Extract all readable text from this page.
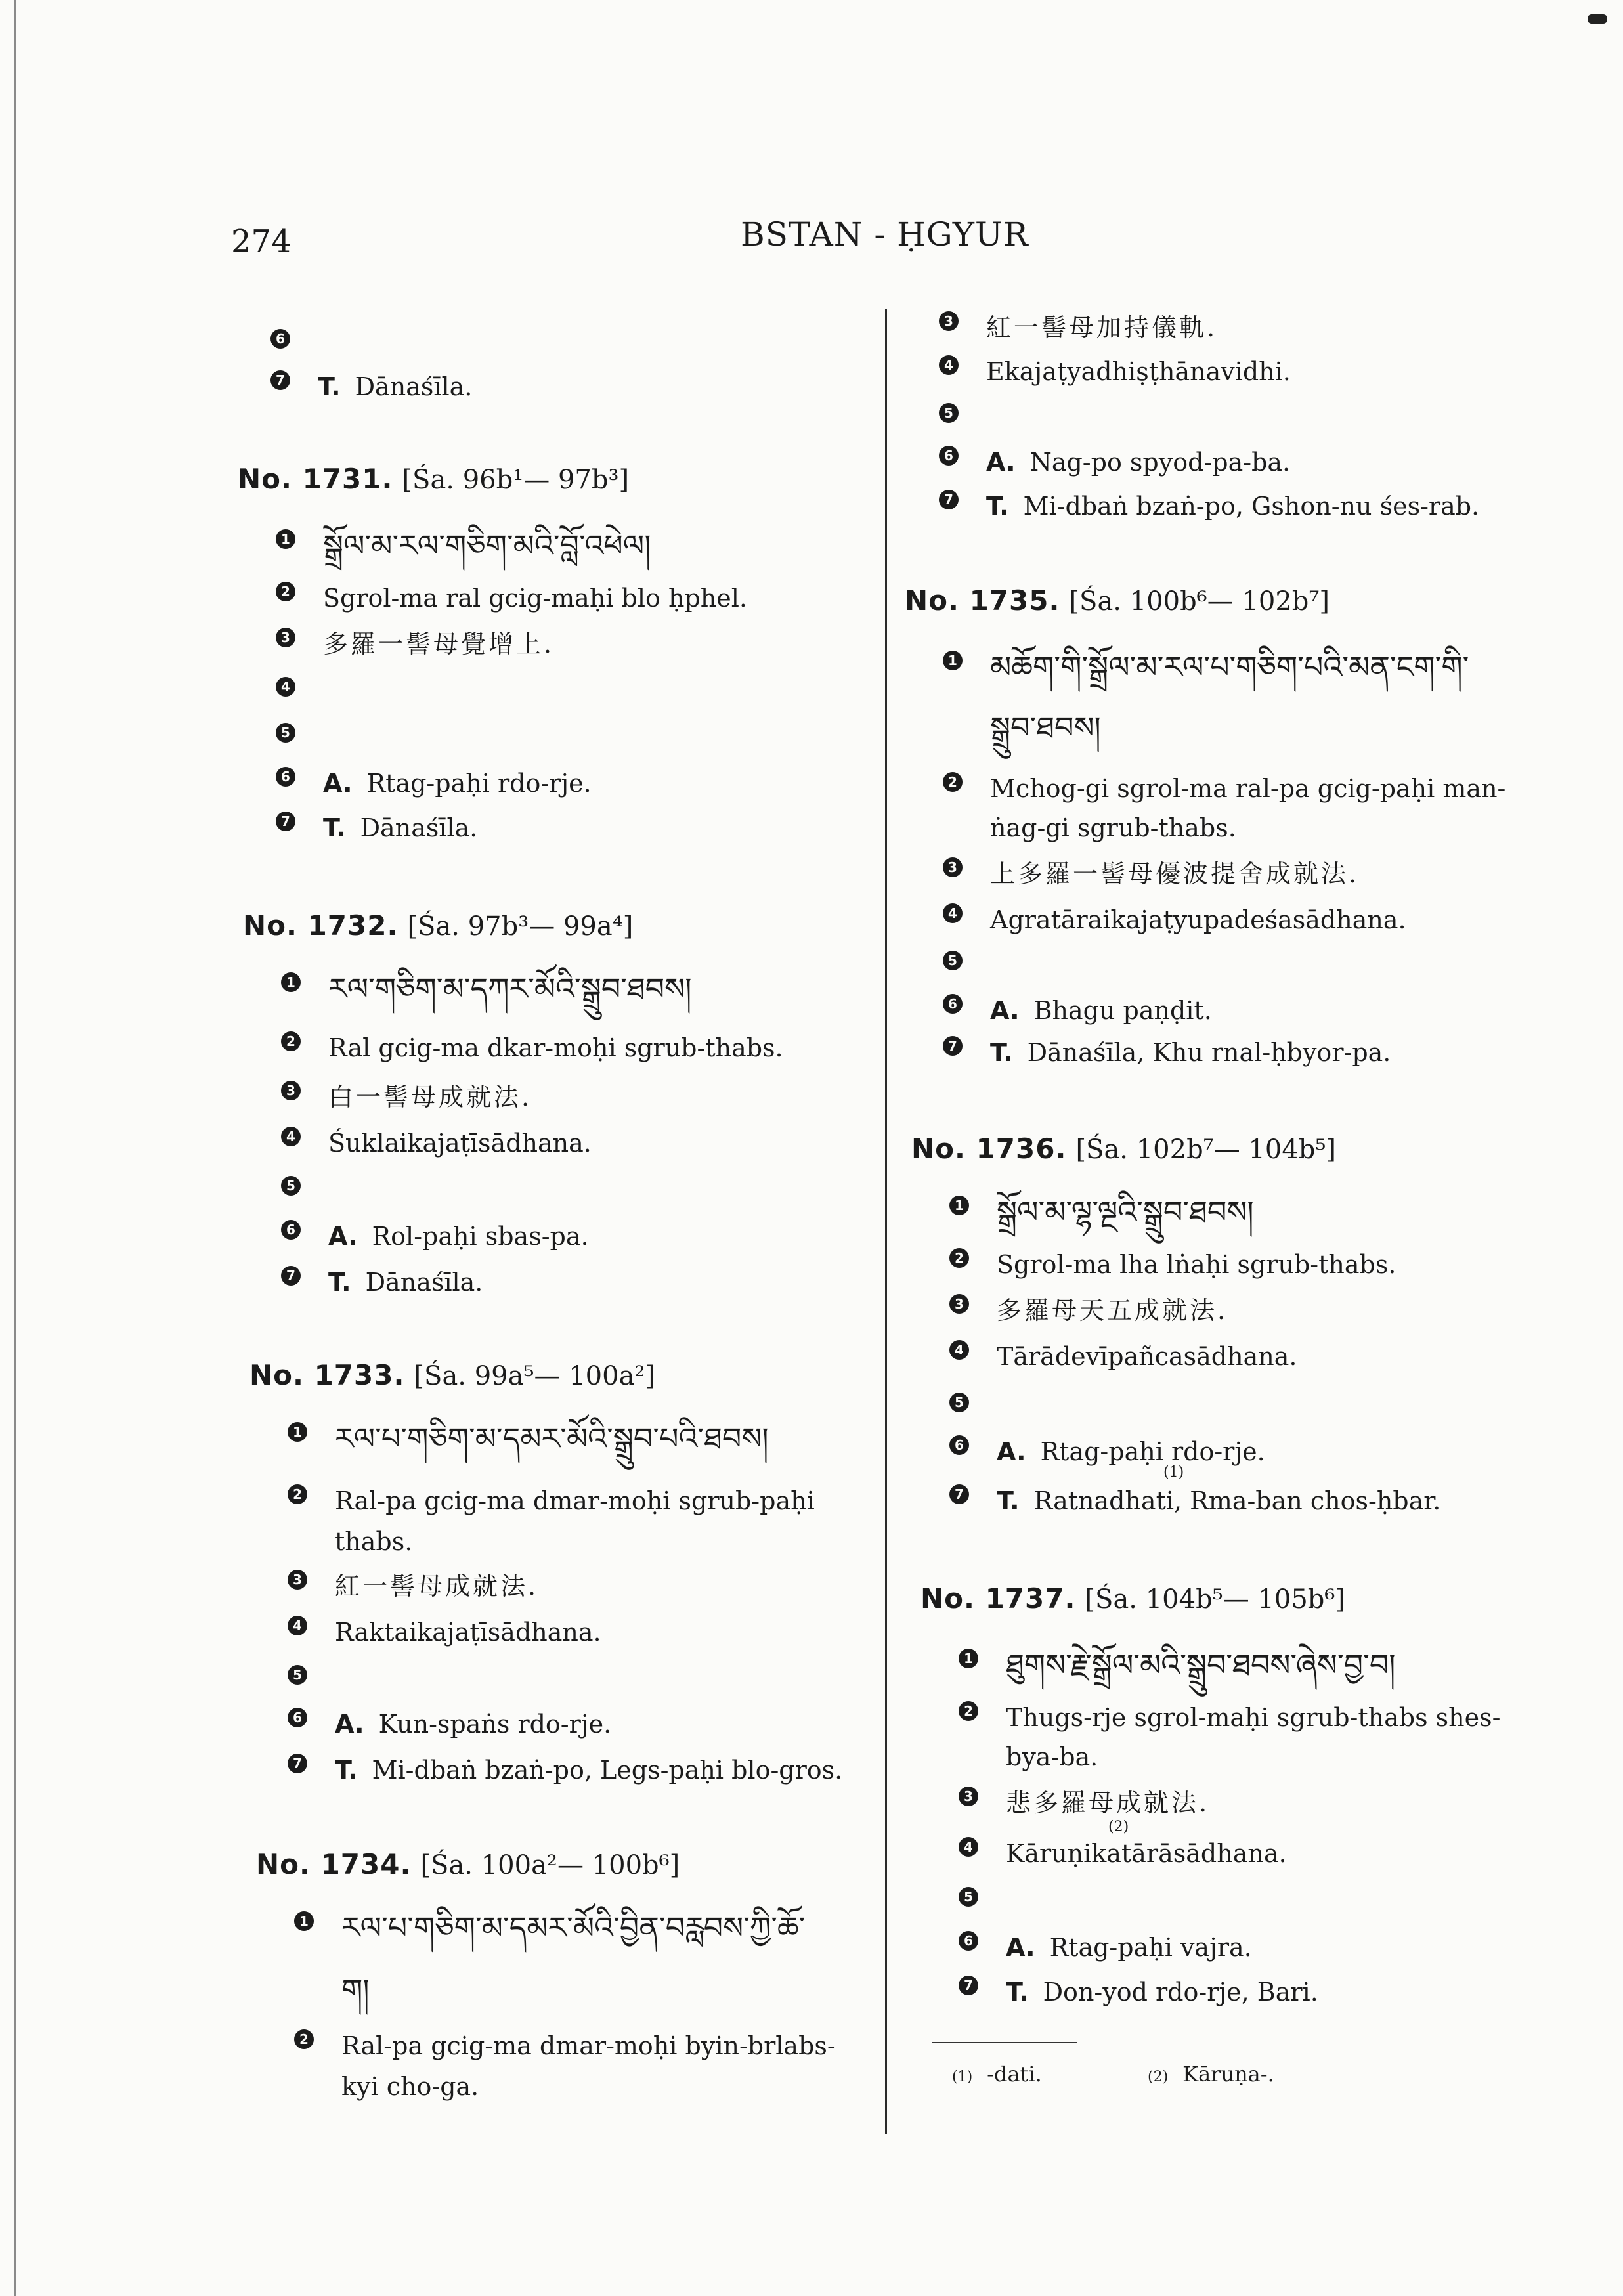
274	BSTAN - ḤGYUR
6
7 T. Dānaśīla.
No. 1731. [Śa. 96b¹— 97b³]
1 སྒྲོལ་མ་རལ་གཅིག་མའི་བློ་འཕེལ།
2 Sgrol-ma ral gcig-maḥi blo ḥphel.
3 多羅一髻母覺增上.
4
5
6 A. Rtag-paḥi rdo-rje.
7 T. Dānaśīla.
No. 1732. [Śa. 97b³— 99a⁴]
1 རལ་གཅིག་མ་དཀར་མོའི་སྒྲུབ་ཐབས།
2 Ral gcig-ma dkar-moḥi sgrub-thabs.
3 白一髻母成就法.
4 Śuklaikajaṭīsādhana.
5
6 A. Rol-paḥi sbas-pa.
7 T. Dānaśīla.
No. 1733. [Śa. 99a⁵— 100a²]
1 རལ་པ་གཅིག་མ་དམར་མོའི་སྒྲུབ་པའི་ཐབས།
2 Ral-pa gcig-ma dmar-moḥi sgrub-paḥi
thabs.
3 紅一髻母成就法.
4 Raktaikajaṭīsādhana.
5
6 A. Kun-spaṅs rdo-rje.
7 T. Mi-dbaṅ bzaṅ-po, Legs-paḥi blo-gros.
No. 1734. [Śa. 100a²— 100b⁶]
1 རལ་པ་གཅིག་མ་དམར་མོའི་བྱིན་བརླབས་ཀྱི་ཆོ་
ག།
2 Ral-pa gcig-ma dmar-moḥi byin-brlabs-
kyi cho-ga.
3 紅一髻母加持儀軌.
4 Ekajaṭyadhiṣṭhānavidhi.
5
6 A. Nag-po spyod-pa-ba.
7 T. Mi-dbaṅ bzaṅ-po, Gshon-nu śes-rab.
No. 1735. [Śa. 100b⁶— 102b⁷]
1 མཆོག་གི་སྒྲོལ་མ་རལ་པ་གཅིག་པའི་མན་ངག་གི་
སྒྲུབ་ཐབས།
2 Mchog-gi sgrol-ma ral-pa gcig-paḥi man-
ṅag-gi sgrub-thabs.
3 上多羅一髻母優波提舍成就法.
4 Agratāraikajaṭyupadeśasādhana.
5
6 A. Bhagu paṇḍit.
7 T. Dānaśīla, Khu rnal-ḥbyor-pa.
No. 1736. [Śa. 102b⁷— 104b⁵]
1 སྒྲོལ་མ་ལྷ་ལྔའི་སྒྲུབ་ཐབས།
2 Sgrol-ma lha lṅaḥi sgrub-thabs.
3 多羅母天五成就法.
4 Tārādevīpañcasādhana.
5
6 A. Rtag-paḥi rdo-rje.
(1)
7 T. Ratnadhati, Rma-ban chos-ḥbar.
No. 1737. [Śa. 104b⁵— 105b⁶]
1 ཐུགས་རྗེ་སྒྲོལ་མའི་སྒྲུབ་ཐབས་ཞེས་བྱ་བ།
2 Thugs-rje sgrol-maḥi sgrub-thabs shes-
bya-ba.
3 悲多羅母成就法.
(2)
4 Kāruṇikatārāsādhana.
5
6 A. Rtag-paḥi vajra.
7 T. Don-yod rdo-rje, Bari.
(1) -dati.	(2) Kāruṇa-.
